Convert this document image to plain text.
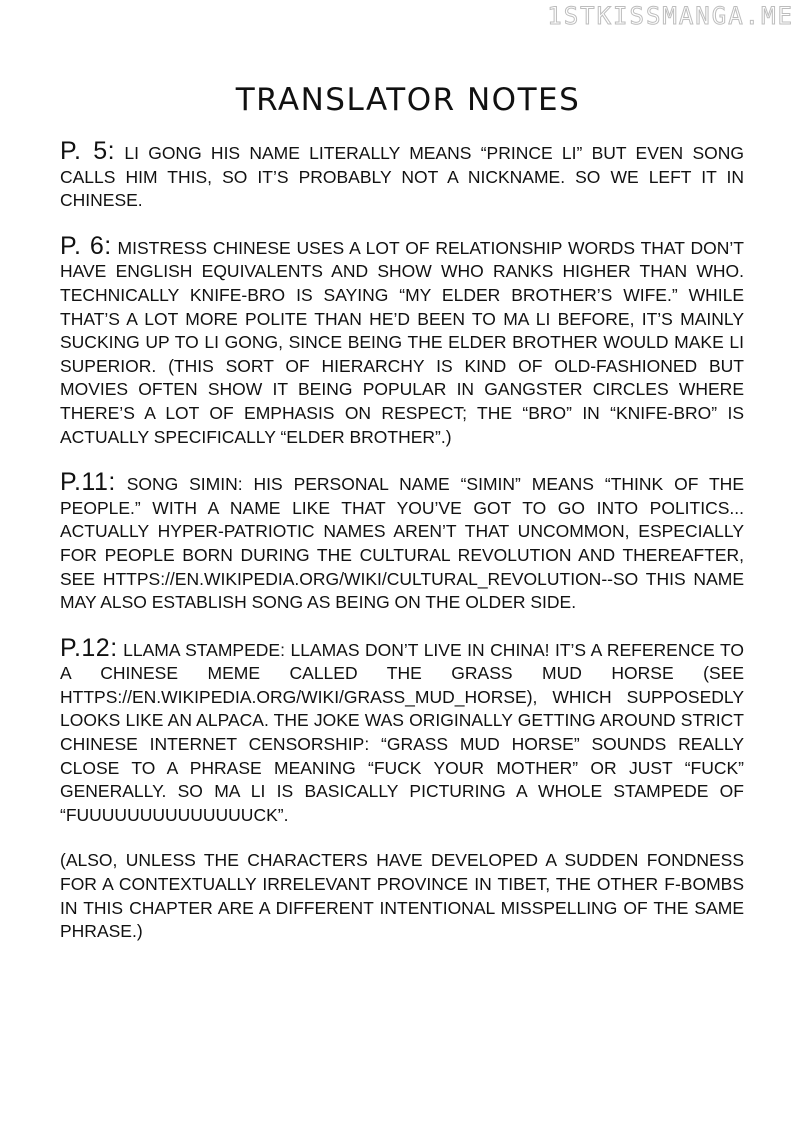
1STKISSMANGA.ME
TRANSLATOR NOTES

P. 5: LI GONG HIS NAME LITERALLY MEANS “PRINCE LI” BUT EVEN SONG CALLS HIM THIS, SO IT’S PROBABLY NOT A NICKNAME. SO WE LEFT IT IN CHINESE.

P. 6: MISTRESS CHINESE USES A LOT OF RELATIONSHIP WORDS THAT DON’T HAVE ENGLISH EQUIVALENTS AND SHOW WHO RANKS HIGHER THAN WHO. TECHNICALLY KNIFE-BRO IS SAYING “MY ELDER BROTHER’S WIFE.” WHILE THAT’S A LOT MORE POLITE THAN HE’D BEEN TO MA LI BEFORE, IT’S MAINLY SUCKING UP TO LI GONG, SINCE BEING THE ELDER BROTHER WOULD MAKE LI SUPERIOR. (THIS SORT OF HIERARCHY IS KIND OF OLD-FASHIONED BUT MOVIES OFTEN SHOW IT BEING POPULAR IN GANGSTER CIRCLES WHERE THERE’S A LOT OF EMPHASIS ON RESPECT; THE “BRO” IN “KNIFE-BRO” IS ACTUALLY SPECIFICALLY “ELDER BROTHER”.)

P.11: SONG SIMIN: HIS PERSONAL NAME “SIMIN” MEANS “THINK OF THE PEOPLE.” WITH A NAME LIKE THAT YOU’VE GOT TO GO INTO POLITICS... ACTUALLY HYPER-PATRIOTIC NAMES AREN’T THAT UNCOMMON, ESPECIALLY FOR PEOPLE BORN DURING THE CULTURAL REVOLUTION AND THEREAFTER, SEE HTTPS://EN.WIKIPEDIA.ORG/WIKI/CULTURAL_REVOLUTION--SO THIS NAME MAY ALSO ESTABLISH SONG AS BEING ON THE OLDER SIDE.

P.12: LLAMA STAMPEDE: LLAMAS DON’T LIVE IN CHINA! IT’S A REFERENCE TO A CHINESE MEME CALLED THE GRASS MUD HORSE (SEE HTTPS://EN.WIKIPEDIA.ORG/WIKI/GRASS_MUD_HORSE), WHICH SUPPOSEDLY LOOKS LIKE AN ALPACA. THE JOKE WAS ORIGINALLY GETTING AROUND STRICT CHINESE INTERNET CENSORSHIP: “GRASS MUD HORSE” SOUNDS REALLY CLOSE TO A PHRASE MEANING “FUCK YOUR MOTHER” OR JUST “FUCK” GENERALLY. SO MA LI IS BASICALLY PICTURING A WHOLE STAMPEDE OF “FUUUUUUUUUUUUUUCK”.

(ALSO, UNLESS THE CHARACTERS HAVE DEVELOPED A SUDDEN FONDNESS FOR A CONTEXTUALLY IRRELEVANT PROVINCE IN TIBET, THE OTHER F-BOMBS IN THIS CHAPTER ARE A DIFFERENT INTENTIONAL MISSPELLING OF THE SAME PHRASE.)
